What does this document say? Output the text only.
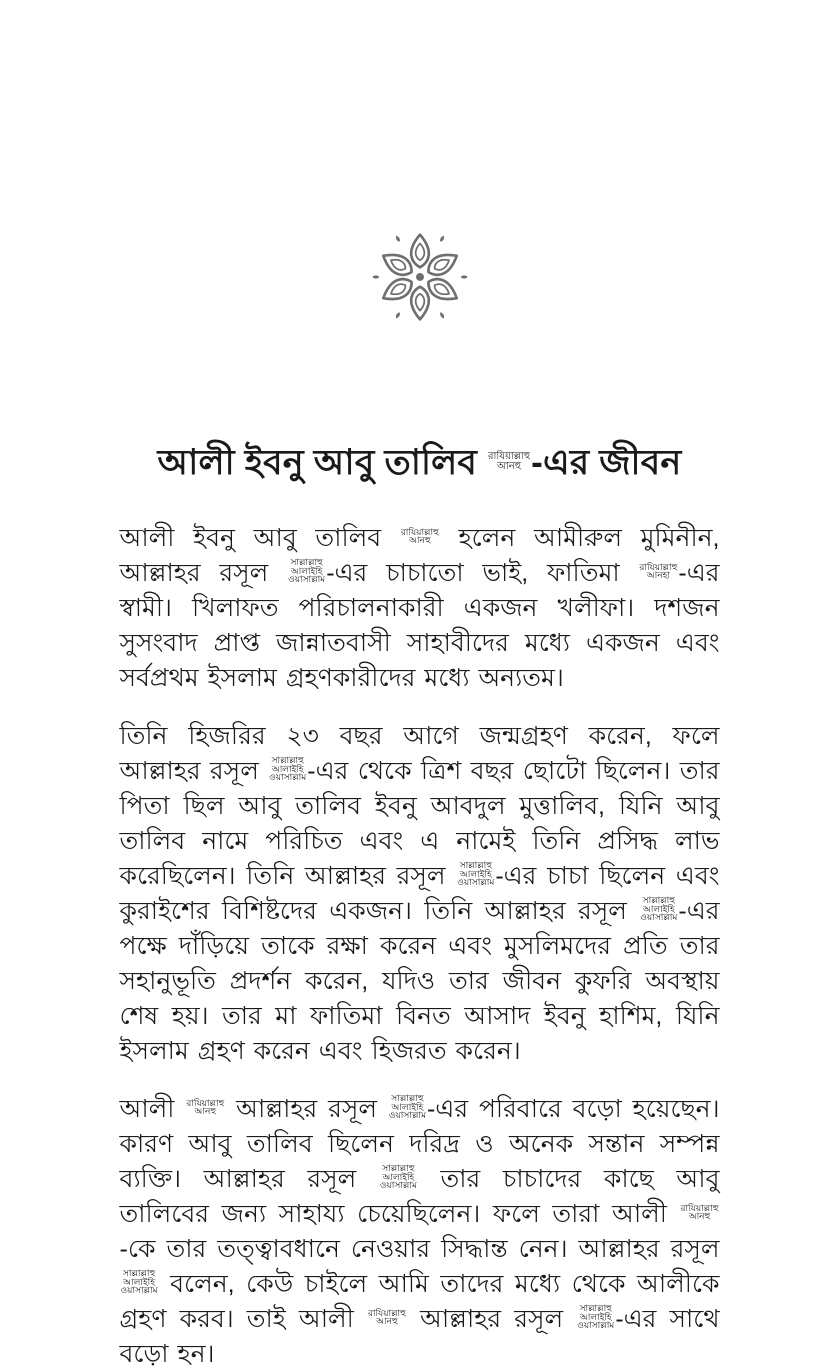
আলী ইবনু আবু তালিব রাযিয়াল্লাহু
আনহু -এর জীবন

আলী ইবনু আবু তালিব রাযিয়াল্লাহু
আনহু হলেন আমীরুল মুমিনীন, আল্লাহর রসূল সাল্লাল্লাহু
আলাইহি
ওয়াসাল্লাম -এর চাচাতো ভাই, ফাতিমা রাযিয়াল্লাহু
আনহা -এর স্বামী। খিলাফত পরিচালনাকারী একজন খলীফা। দশজন সুসংবাদ প্রাপ্ত জান্নাতবাসী সাহাবীদের মধ্যে একজন এবং সর্বপ্রথম ইসলাম গ্রহণকারীদের মধ্যে অন্যতম।

তিনি হিজরির ২৩ বছর আগে জন্মগ্রহণ করেন, ফলে আল্লাহর রসূল সাল্লাল্লাহু
আলাইহি
ওয়াসাল্লাম -এর থেকে ত্রিশ বছর ছোটো ছিলেন। তার পিতা ছিল আবু তালিব ইবনু আবদুল মুত্তালিব, যিনি আবু তালিব নামে পরিচিত এবং এ নামেই তিনি প্রসিদ্ধ লাভ করেছিলেন। তিনি আল্লাহর রসূল সাল্লাল্লাহু
আলাইহি
ওয়াসাল্লাম -এর চাচা ছিলেন এবং কুরাইশের বিশিষ্টদের একজন। তিনি আল্লাহর রসূল সাল্লাল্লাহু
আলাইহি
ওয়াসাল্লাম -এর পক্ষে দাঁড়িয়ে তাকে রক্ষা করেন এবং মুসলিমদের প্রতি তার সহানুভূতি প্রদর্শন করেন, যদিও তার জীবন কুফরি অবস্থায় শেষ হয়। তার মা ফাতিমা বিনত আসাদ ইবনু হাশিম, যিনি ইসলাম গ্রহণ করেন এবং হিজরত করেন।

আলী রাযিয়াল্লাহু
আনহু আল্লাহর রসূল সাল্লাল্লাহু
আলাইহি
ওয়াসাল্লাম -এর পরিবারে বড়ো হয়েছেন। কারণ আবু তালিব ছিলেন দরিদ্র ও অনেক সন্তান সম্পন্ন ব্যক্তি। আল্লাহর রসূল সাল্লাল্লাহু
আলাইহি
ওয়াসাল্লাম তার চাচাদের কাছে আবু তালিবের জন্য সাহায্য চেয়েছিলেন। ফলে তারা আলী রাযিয়াল্লাহু
আনহু
-কে তার তত্ত্বাবধানে নেওয়ার সিদ্ধান্ত নেন। আল্লাহর রসূল
সাল্লাল্লাহু
আলাইহি
ওয়াসাল্লাম বলেন, কেউ চাইলে আমি তাদের মধ্যে থেকে আলীকে গ্রহণ করব। তাই আলী রাযিয়াল্লাহু
আনহু আল্লাহর রসূল সাল্লাল্লাহু
আলাইহি
ওয়াসাল্লাম -এর সাথে বড়ো হন।
